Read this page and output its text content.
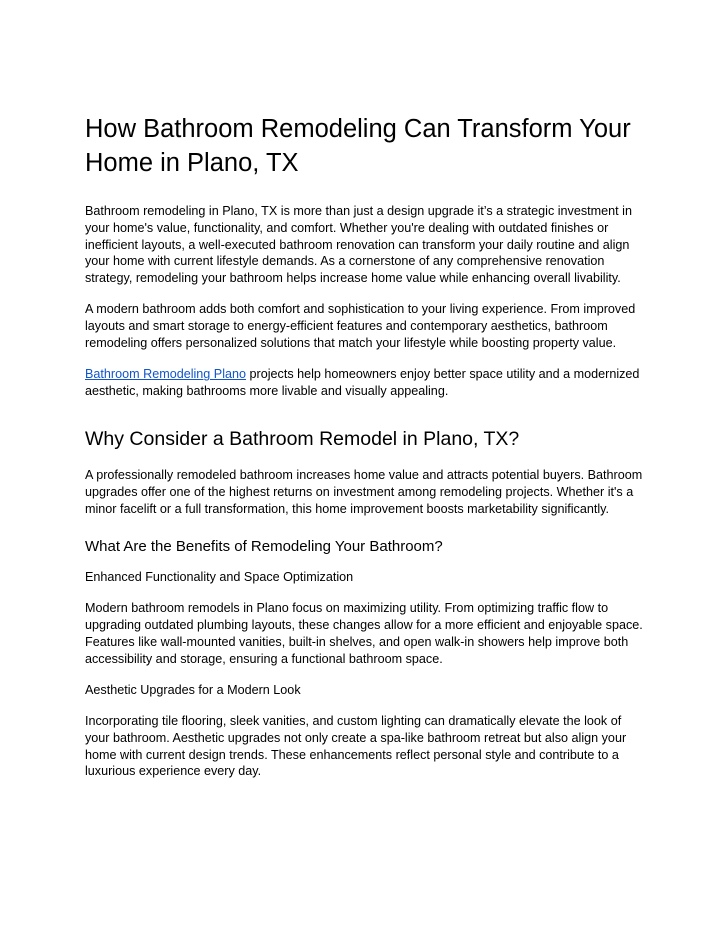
How Bathroom Remodeling Can Transform Your Home in Plano, TX

Bathroom remodeling in Plano, TX is more than just a design upgrade it’s a strategic investment in your home's value, functionality, and comfort. Whether you're dealing with outdated finishes or inefficient layouts, a well-executed bathroom renovation can transform your daily routine and align your home with current lifestyle demands. As a cornerstone of any comprehensive renovation strategy, remodeling your bathroom helps increase home value while enhancing overall livability.

A modern bathroom adds both comfort and sophistication to your living experience. From improved layouts and smart storage to energy-efficient features and contemporary aesthetics, bathroom remodeling offers personalized solutions that match your lifestyle while boosting property value.

Bathroom Remodeling Plano projects help homeowners enjoy better space utility and a modernized aesthetic, making bathrooms more livable and visually appealing.

Why Consider a Bathroom Remodel in Plano, TX?

A professionally remodeled bathroom increases home value and attracts potential buyers. Bathroom upgrades offer one of the highest returns on investment among remodeling projects. Whether it's a minor facelift or a full transformation, this home improvement boosts marketability significantly.

What Are the Benefits of Remodeling Your Bathroom?
Enhanced Functionality and Space Optimization

Modern bathroom remodels in Plano focus on maximizing utility. From optimizing traffic flow to upgrading outdated plumbing layouts, these changes allow for a more efficient and enjoyable space. Features like wall-mounted vanities, built-in shelves, and open walk-in showers help improve both accessibility and storage, ensuring a functional bathroom space.

Aesthetic Upgrades for a Modern Look

Incorporating tile flooring, sleek vanities, and custom lighting can dramatically elevate the look of your bathroom. Aesthetic upgrades not only create a spa-like bathroom retreat but also align your home with current design trends. These enhancements reflect personal style and contribute to a luxurious experience every day.
